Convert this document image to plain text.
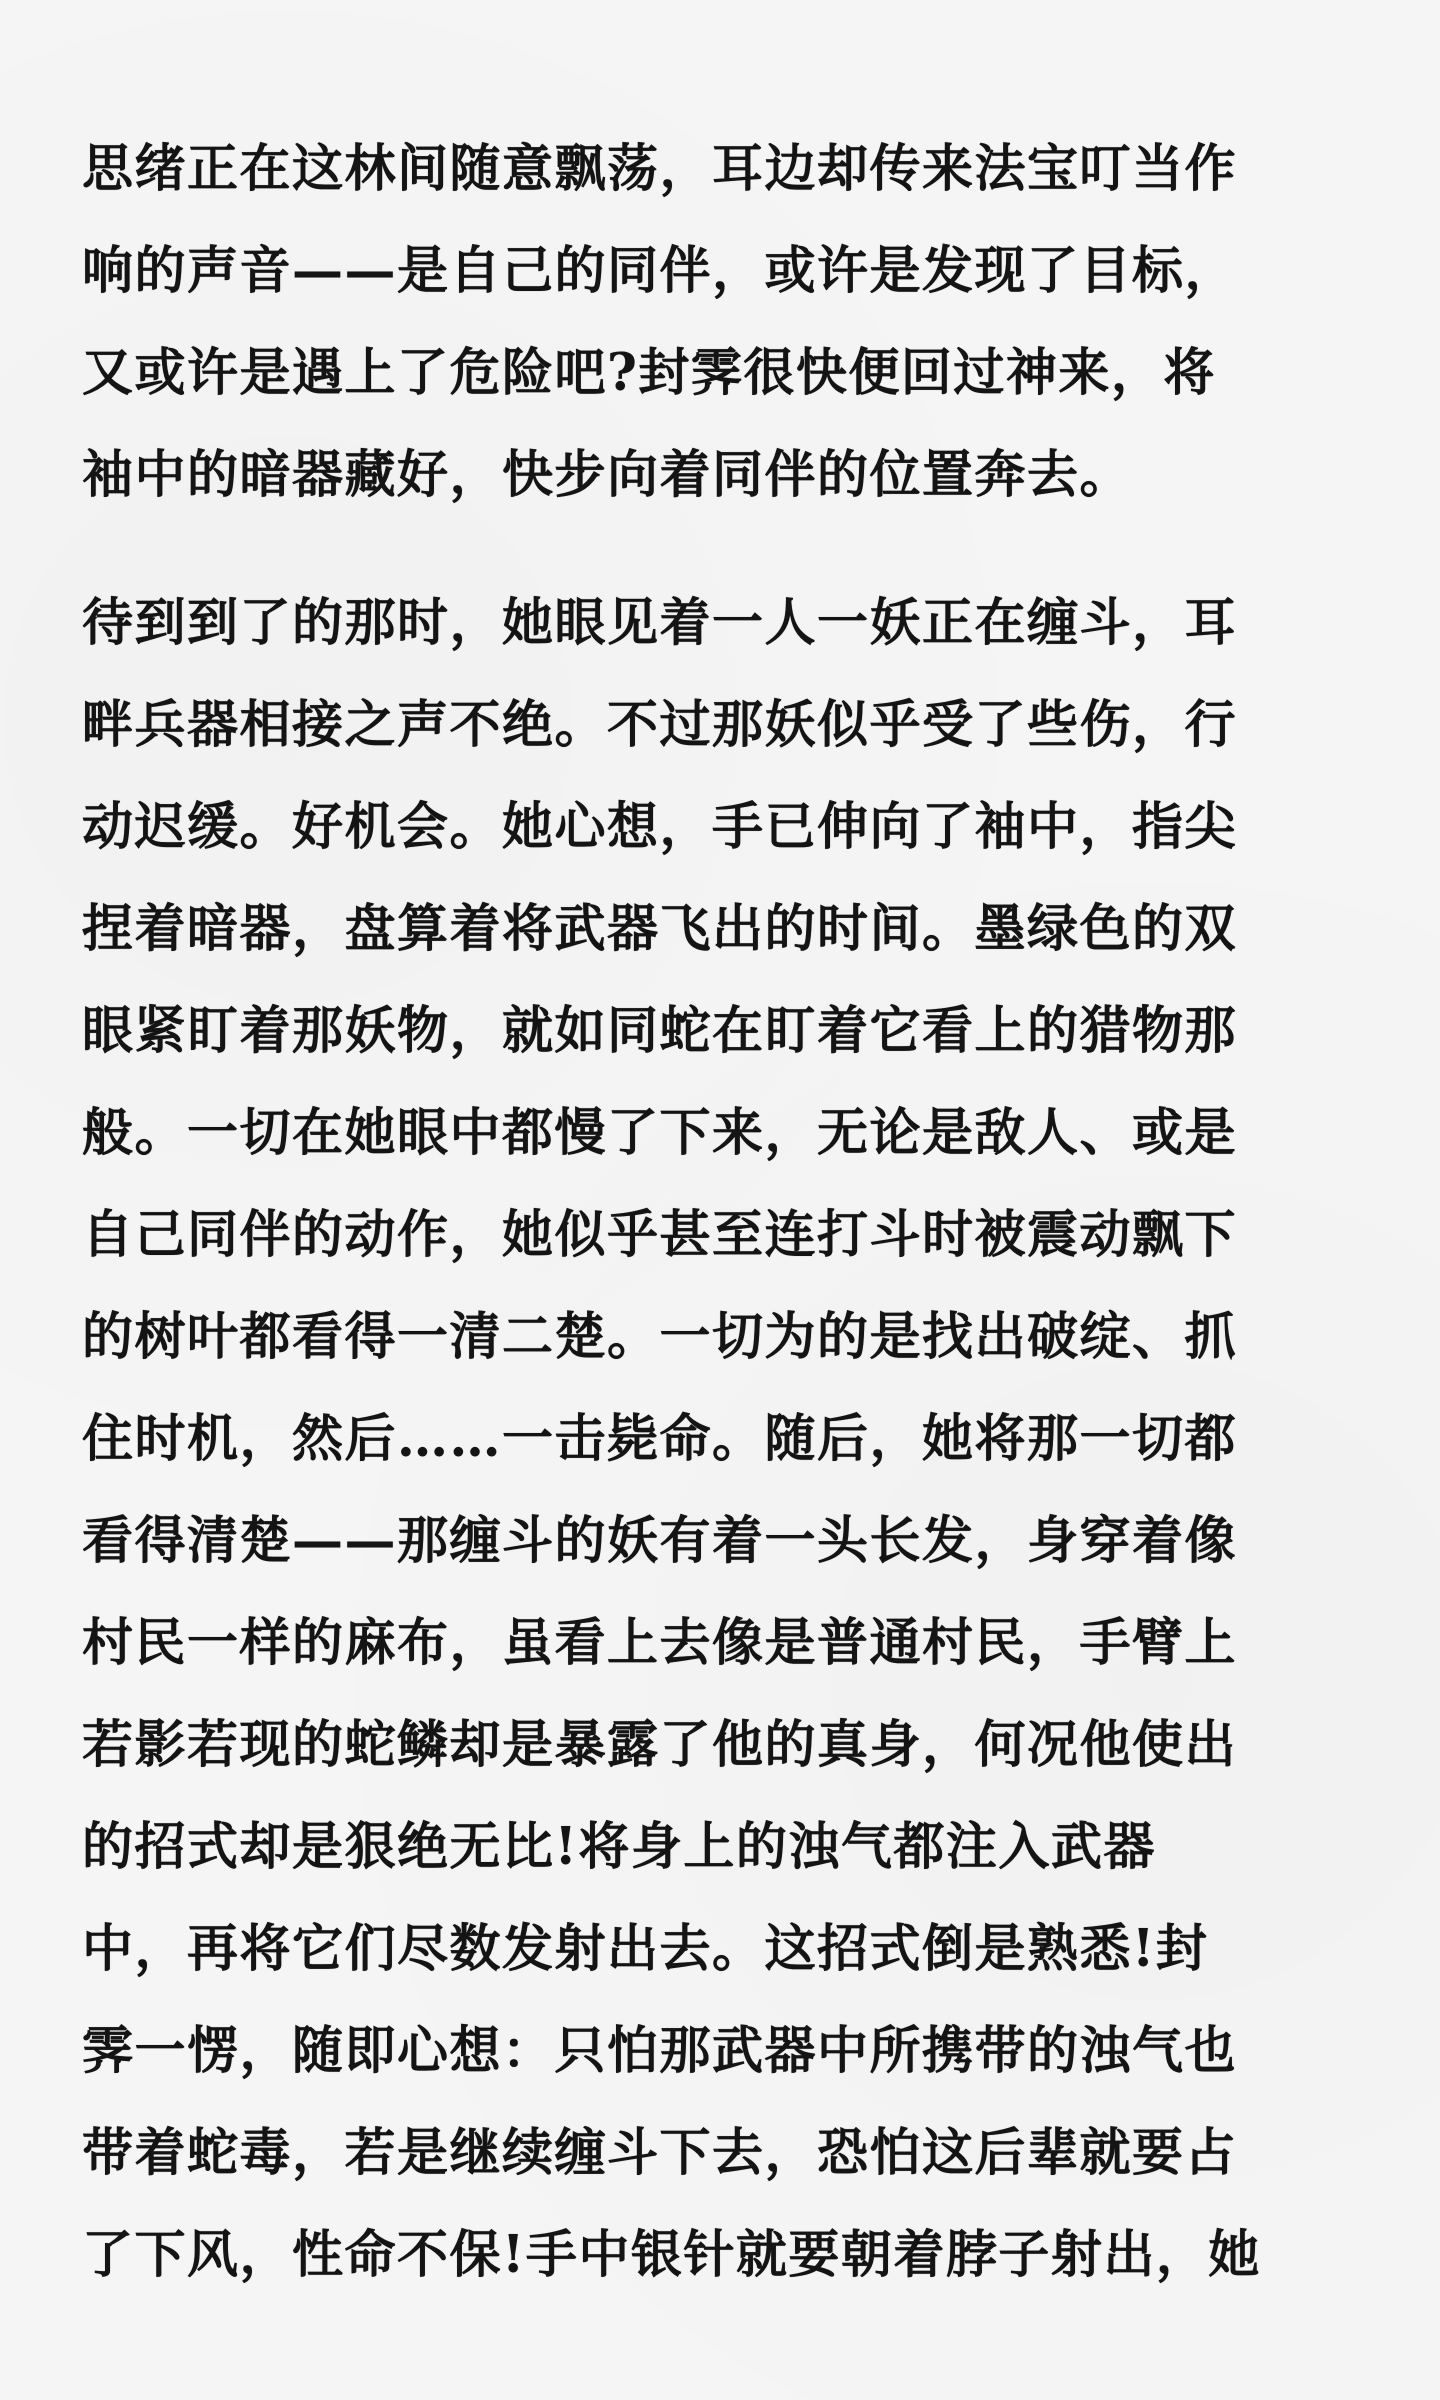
思绪正在这林间随意飘荡，耳边却传来法宝叮当作
响的声音——是自己的同伴，或许是发现了目标，
又或许是遇上了危险吧?封霁很快便回过神来，将
袖中的暗器藏好，快步向着同伴的位置奔去。
待到到了的那时，她眼见着一人一妖正在缠斗，耳
畔兵器相接之声不绝。不过那妖似乎受了些伤，行
动迟缓。好机会。她心想，手已伸向了袖中，指尖
捏着暗器，盘算着将武器飞出的时间。墨绿色的双
眼紧盯着那妖物，就如同蛇在盯着它看上的猎物那
般。一切在她眼中都慢了下来，无论是敌人、或是
自己同伴的动作，她似乎甚至连打斗时被震动飘下
的树叶都看得一清二楚。一切为的是找出破绽、抓
住时机，然后……一击毙命。随后，她将那一切都
看得清楚——那缠斗的妖有着一头长发，身穿着像
村民一样的麻布，虽看上去像是普通村民，手臂上
若影若现的蛇鳞却是暴露了他的真身，何况他使出
的招式却是狠绝无比!将身上的浊气都注入武器
中，再将它们尽数发射出去。这招式倒是熟悉!封
霁一愣，随即心想：只怕那武器中所携带的浊气也
带着蛇毒，若是继续缠斗下去，恐怕这后辈就要占
了下风，性命不保!手中银针就要朝着脖子射出，她
